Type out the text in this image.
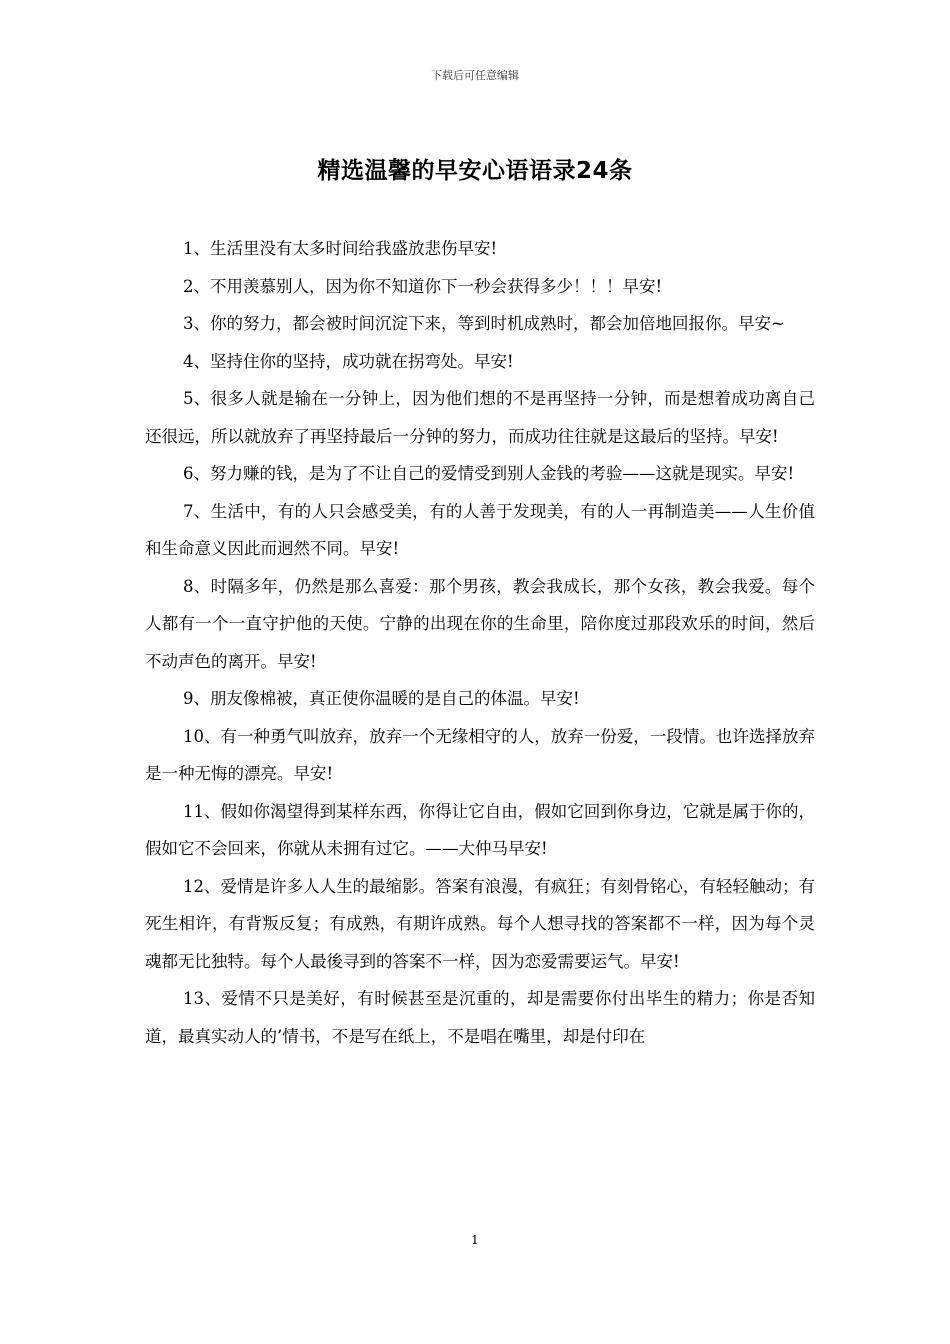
下载后可任意编辑
精选温馨的早安心语语录24条

1、生活里没有太多时间给我盛放悲伤早安!

2、不用羡慕别人，因为你不知道你下一秒会获得多少！！！早安!

3、你的努力，都会被时间沉淀下来，等到时机成熟时，都会加倍地回报你。早安~

4、坚持住你的坚持，成功就在拐弯处。早安!

5、很多人就是输在一分钟上，因为他们想的不是再坚持一分钟，而是想着成功离自己还很远，所以就放弃了再坚持最后一分钟的努力，而成功往往就是这最后的坚持。早安!

6、努力赚的钱，是为了不让自己的爱情受到别人金钱的考验——这就是现实。早安!

7、生活中，有的人只会感受美，有的人善于发现美，有的人一再制造美——人生价值和生命意义因此而迥然不同。早安!

8、时隔多年，仍然是那么喜爱：那个男孩，教会我成长，那个女孩，教会我爱。每个人都有一个一直守护他的天使。宁静的出现在你的生命里，陪你度过那段欢乐的时间，然后不动声色的离开。早安!

9、朋友像棉被，真正使你温暖的是自己的体温。早安!

10、有一种勇气叫放弃，放弃一个无缘相守的人，放弃一份爱，一段情。也许选择放弃是一种无悔的漂亮。早安!

11、假如你渴望得到某样东西，你得让它自由，假如它回到你身边，它就是属于你的，假如它不会回来，你就从未拥有过它。——大仲马早安!

12、爱情是许多人人生的最缩影。答案有浪漫，有疯狂；有刻骨铭心，有轻轻触动；有死生相许，有背叛反复；有成熟，有期许成熟。每个人想寻找的答案都不一样，因为每个灵魂都无比独特。每个人最後寻到的答案不一样，因为恋爱需要运气。早安!

13、爱情不只是美好，有时候甚至是沉重的，却是需要你付出毕生的精力；你是否知道，最真实动人的’情书，不是写在纸上，不是唱在嘴里，却是付印在

1
